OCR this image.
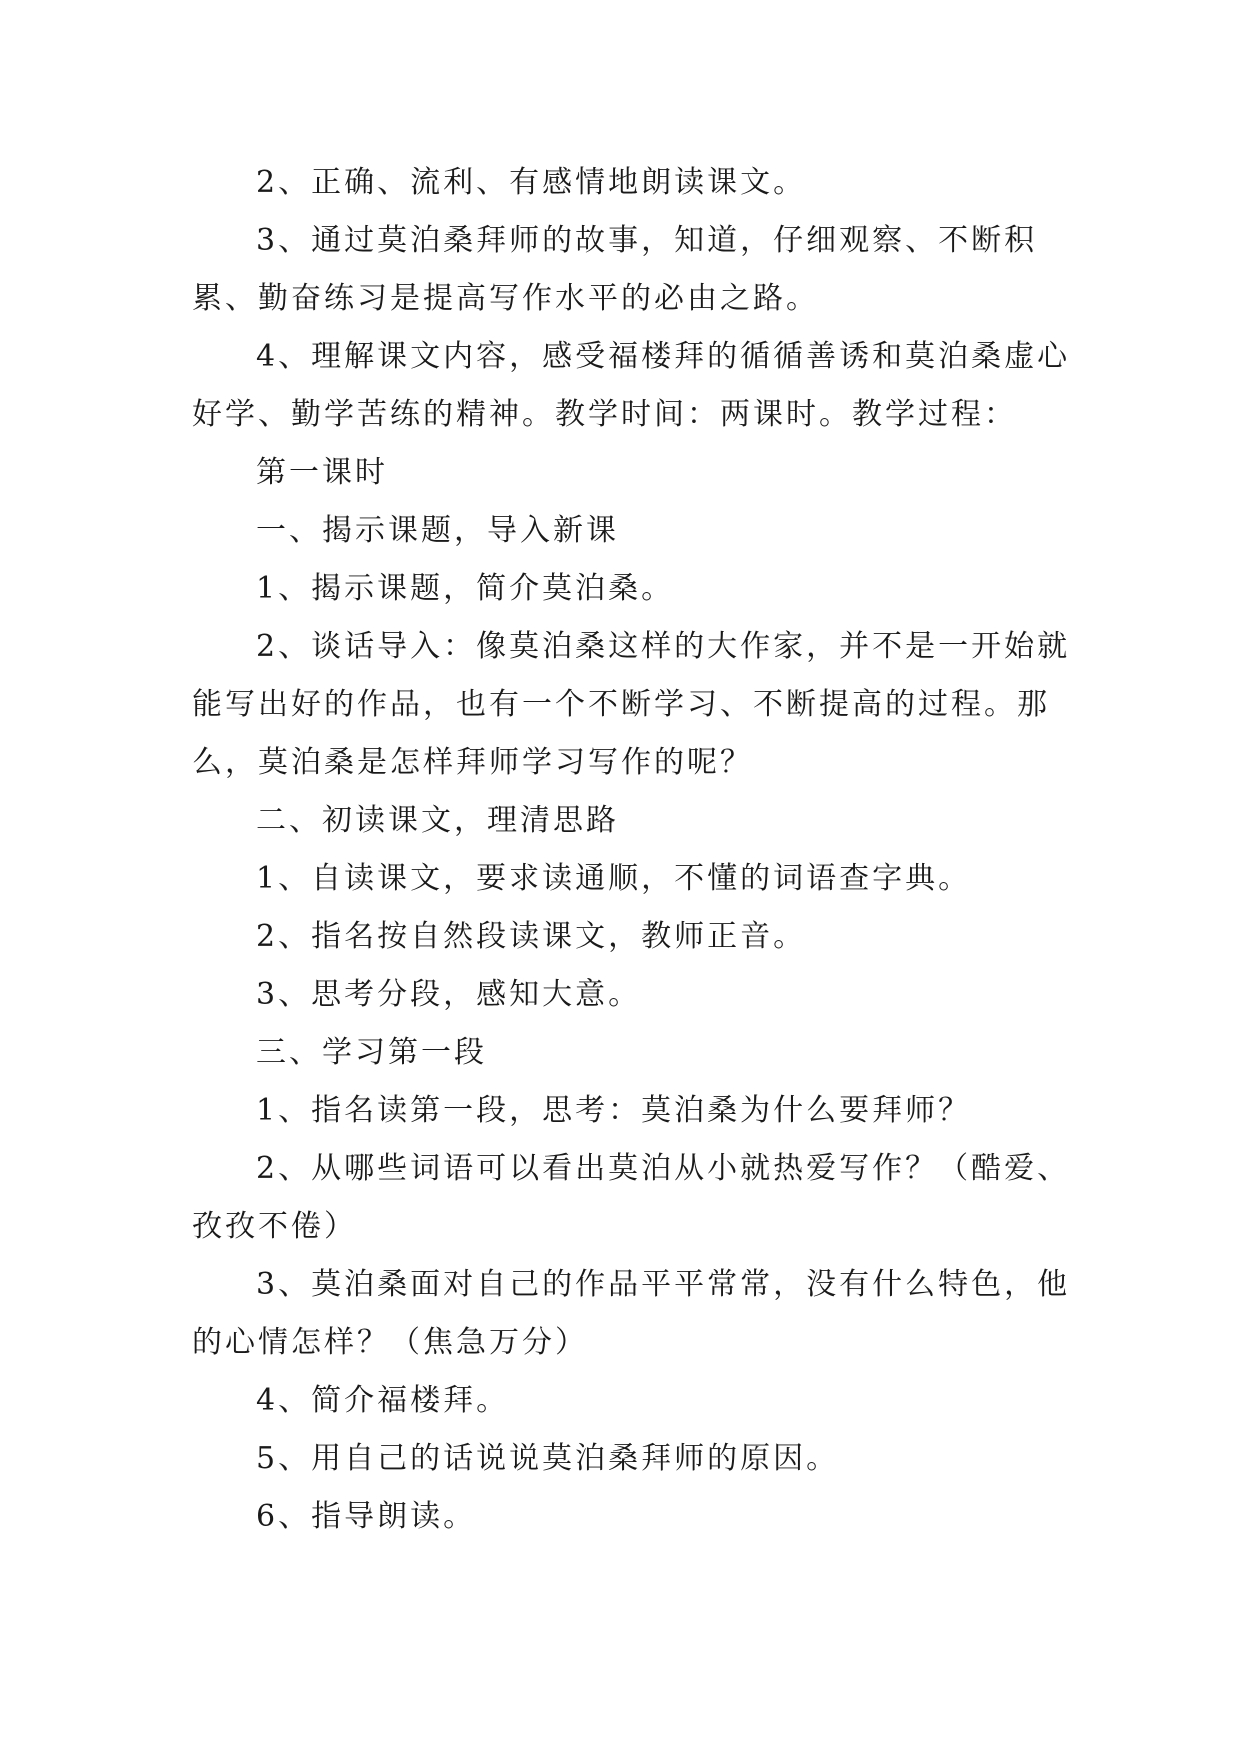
2、正确、流利、有感情地朗读课文。

3、通过莫泊桑拜师的故事，知道，仔细观察、不断积累、勤奋练习是提高写作水平的必由之路。

4、理解课文内容，感受福楼拜的循循善诱和莫泊桑虚心好学、勤学苦练的精神。教学时间：两课时。教学过程：

第一课时

一、揭示课题，导入新课

1、揭示课题，简介莫泊桑。

2、谈话导入：像莫泊桑这样的大作家，并不是一开始就能写出好的作品，也有一个不断学习、不断提高的过程。那么，莫泊桑是怎样拜师学习写作的呢？

二、初读课文，理清思路

1、自读课文，要求读通顺，不懂的词语查字典。

2、指名按自然段读课文，教师正音。

3、思考分段，感知大意。

三、学习第一段

1、指名读第一段，思考：莫泊桑为什么要拜师？

2、从哪些词语可以看出莫泊从小就热爱写作？（酷爱、孜孜不倦）

3、莫泊桑面对自己的作品平平常常，没有什么特色，他的心情怎样？（焦急万分）

4、简介福楼拜。

5、用自己的话说说莫泊桑拜师的原因。

6、指导朗读。
